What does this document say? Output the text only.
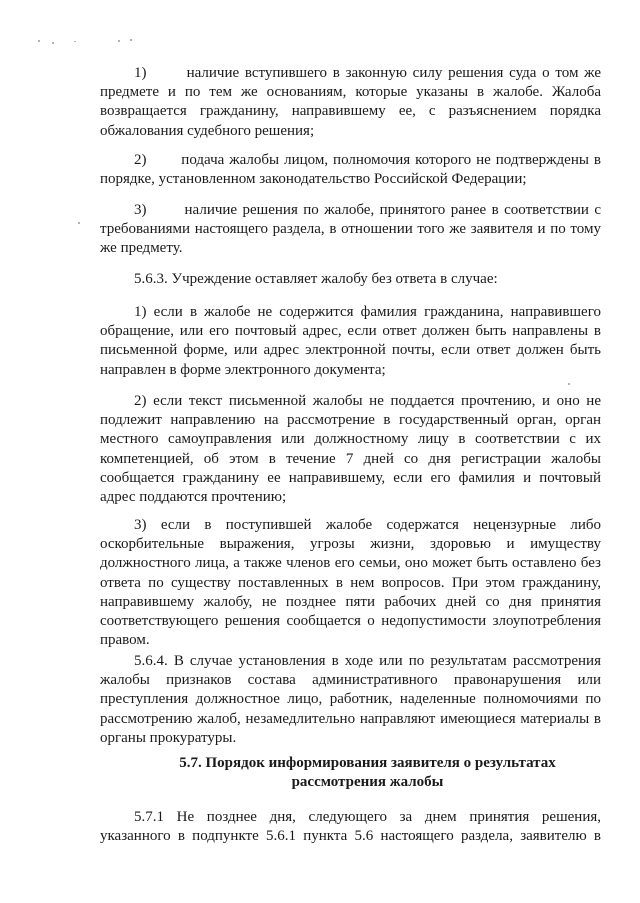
1)       наличие вступившего в законную силу решения суда о том же предмете и по тем же основаниям, которые указаны в жалобе. Жалоба возвращается гражданину, направившему ее, с разъяснением порядка обжалования судебного решения;

2)       подача жалобы лицом, полномочия которого не подтверждены в порядке, установленном законодательство Российской Федерации;

3)       наличие решения по жалобе, принятого ранее в соответствии с требованиями настоящего раздела, в отношении того же заявителя и по тому же предмету.

5.6.3. Учреждение оставляет жалобу без ответа в случае:

1) если в жалобе не содержится фамилия гражданина, направившего обращение, или его почтовый адрес, если ответ должен быть направлены в письменной форме, или адрес электронной почты, если ответ должен быть направлен в форме электронного документа;

2) если текст письменной жалобы не поддается прочтению, и оно не подлежит направлению на рассмотрение в государственный орган, орган местного самоуправления или должностному лицу в соответствии с их компетенцией, об этом в течение 7 дней со дня регистрации жалобы сообщается гражданину ее направившему, если его фамилия и почтовый адрес поддаются прочтению;

3) если в поступившей жалобе содержатся нецензурные либо оскорбительные выражения, угрозы жизни, здоровью и имуществу должностного лица, а также членов его семьи, оно может быть оставлено без ответа по существу поставленных в нем вопросов. При этом гражданину, направившему жалобу, не позднее пяти рабочих дней со дня принятия соответствующего решения сообщается о недопустимости злоупотребления правом.

5.6.4. В случае установления в ходе или по результатам рассмотрения жалобы признаков состава административного правонарушения или преступления должностное лицо, работник, наделенные полномочиями по рассмотрению жалоб, незамедлительно направляют имеющиеся материалы в органы прокуратуры.

5.7. Порядок информирования заявителя о результатах
рассмотрения жалобы

5.7.1 Не позднее дня, следующего за днем принятия решения, указанного в подпункте 5.6.1 пункта 5.6 настоящего раздела, заявителю в
